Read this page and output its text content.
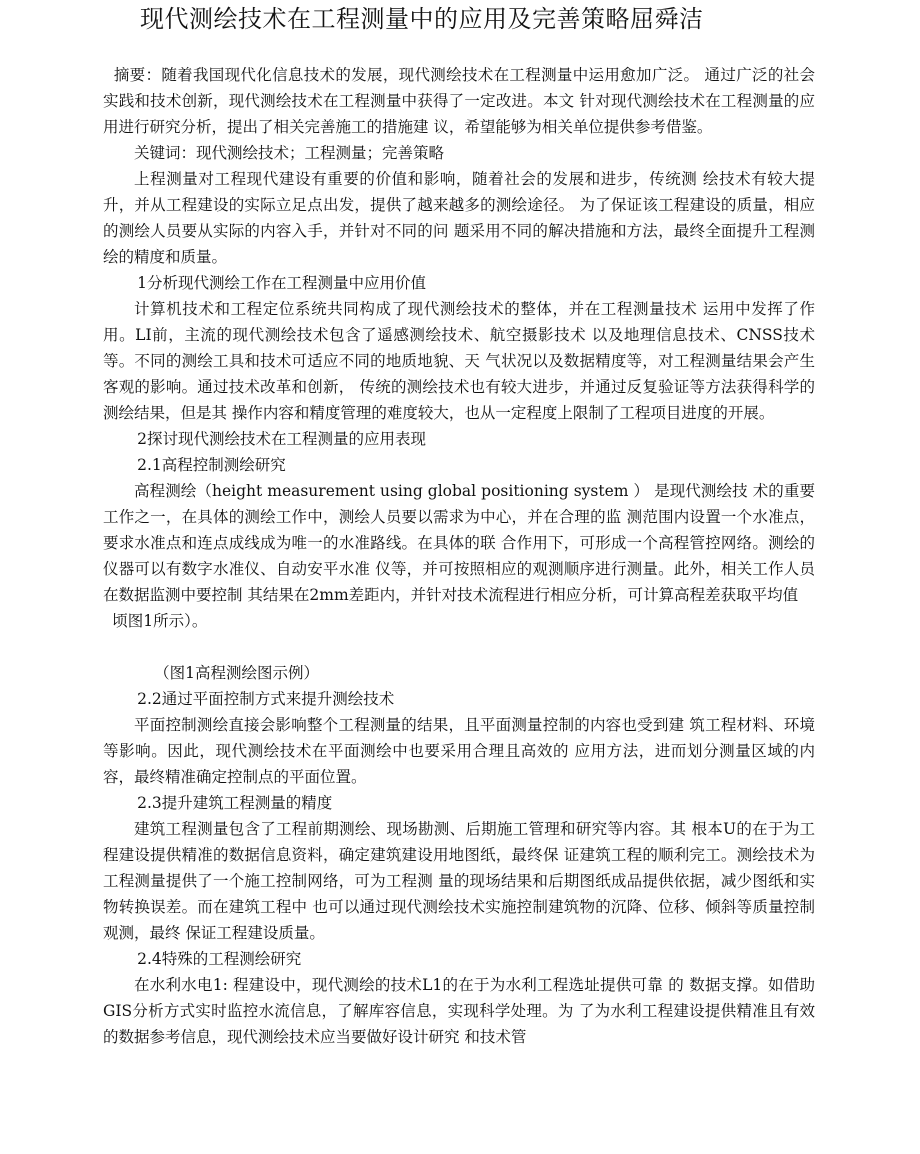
现代测绘技术在工程测量中的应用及完善策略屈舜洁

摘要：随着我国现代化信息技术的发展，现代测绘技术在工程测量中运用愈加广泛。 通过广泛的社会实践和技术创新，现代测绘技术在工程测量中获得了一定改进。本文 针对现代测绘技术在工程测量的应用进行研究分析，提出了相关完善施工的措施建 议，希望能够为相关单位提供参考借鉴。

关键词：现代测绘技术；工程测量；完善策略

上程测量对工程现代建设有重要的价值和影响，随着社会的发展和进步，传统测 绘技术有较大提升，并从工程建设的实际立足点出发，提供了越来越多的测绘途径。 为了保证该工程建设的质量，相应的测绘人员要从实际的内容入手，并针对不同的问 题采用不同的解决措施和方法，最终全面提升工程测绘的精度和质量。

1分析现代测绘工作在工程测量中应用价值

计算机技术和工程定位系统共同构成了现代测绘技术的整体，并在工程测量技术 运用中发挥了作用。LI前，主流的现代测绘技术包含了遥感测绘技术、航空摄影技术 以及地理信息技术、CNSS技术等。不同的测绘工具和技术可适应不同的地质地貌、天 气状况以及数据精度等，对工程测量结果会产生客观的影响。通过技术改革和创新， 传统的测绘技术也有较大进步，并通过反复验证等方法获得科学的测绘结果，但是其 操作内容和精度管理的难度较大，也从一定程度上限制了工程项目进度的开展。

2探讨现代测绘技术在工程测量的应用表现

2.1高程控制测绘研究

高程测绘（height measurement using global positioning system ） 是现代测绘技 术的重要工作之一，在具体的测绘工作中，测绘人员要以需求为中心，并在合理的监 测范围内设置一个水准点，要求水准点和连点成线成为唯一的水准路线。在具体的联 合作用下，可形成一个高程管控网络。测绘的仪器可以有数字水准仪、自动安平水准 仪等，并可按照相应的观测顺序进行测量。此外，相关工作人员在数据监测中要控制 其结果在2mm差距内，并针对技术流程进行相应分析，可计算高程差获取平均值

顷图1所示）。

（图1高程测绘图示例）

2.2通过平面控制方式来提升测绘技术

平面控制测绘直接会影响整个工程测量的结果，且平面测量控制的内容也受到建 筑工程材料、环境等影响。因此，现代测绘技术在平面测绘中也要采用合理且高效的 应用方法，进而划分测量区域的内容，最终精准确定控制点的平面位置。

2.3提升建筑工程测量的精度

建筑工程测量包含了工程前期测绘、现场勘测、后期施工管理和研究等内容。其 根本U的在于为工程建设提供精准的数据信息资料，确定建筑建设用地图纸，最终保 证建筑工程的顺利完工。测绘技术为工程测量提供了一个施工控制网络，可为工程测 量的现场结果和后期图纸成品提供依据，减少图纸和实物转换误差。而在建筑工程中 也可以通过现代测绘技术实施控制建筑物的沉降、位移、倾斜等质量控制观测，最终 保证工程建设质量。

2.4特殊的工程测绘研究

在水利水电1: 程建设中，现代测绘的技术L1的在于为水利工程选址提供可靠 的 数据支撑。如借助GIS分析方式实时监控水流信息，了解库容信息，实现科学处理。为 了为水利工程建设提供精准且有效的数据参考信息，现代测绘技术应当要做好设计研究 和技术管
